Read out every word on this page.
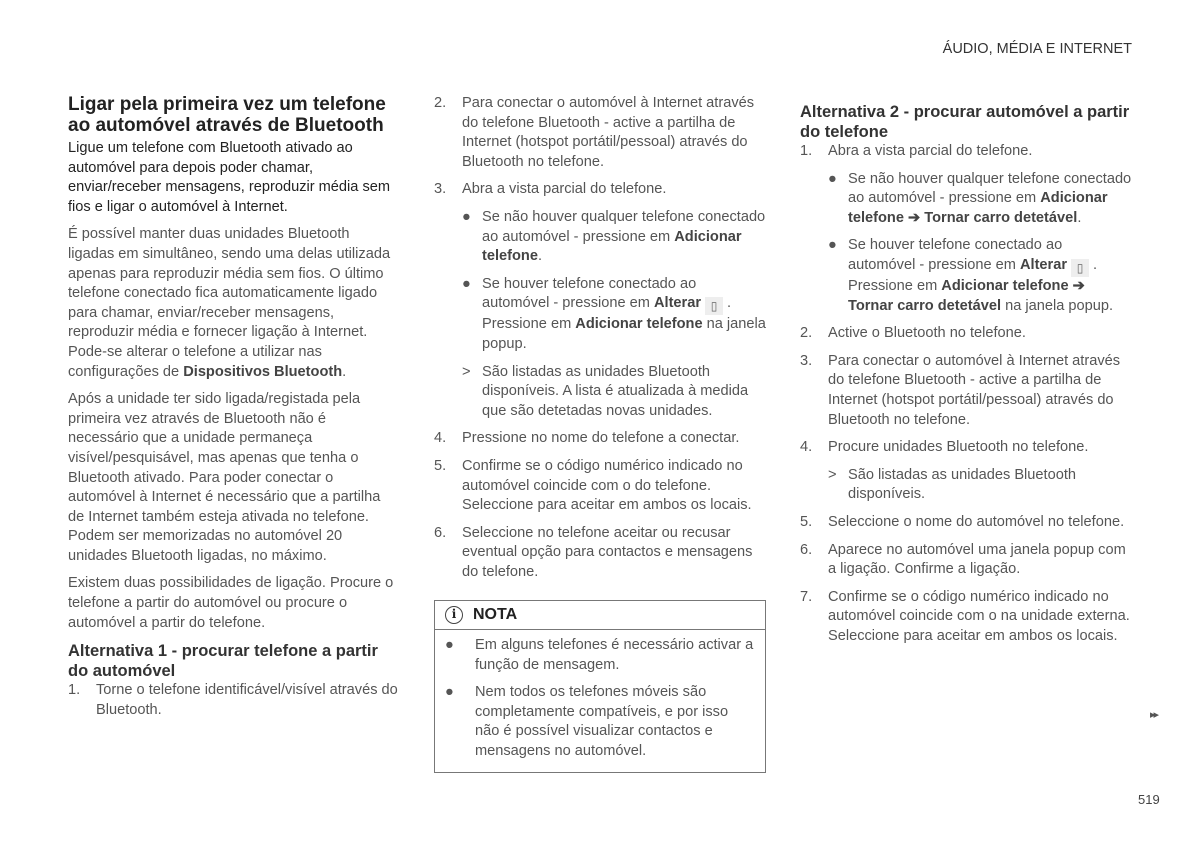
ÁUDIO, MÉDIA E INTERNET
Ligar pela primeira vez um telefone ao automóvel através de Bluetooth
Ligue um telefone com Bluetooth ativado ao automóvel para depois poder chamar, enviar/receber mensagens, reproduzir média sem fios e ligar o automóvel à Internet.
É possível manter duas unidades Bluetooth ligadas em simultâneo, sendo uma delas utilizada apenas para reproduzir média sem fios. O último telefone conectado fica automaticamente ligado para chamar, enviar/receber mensagens, reproduzir média e fornecer ligação à Internet. Pode-se alterar o telefone a utilizar nas configurações de Dispositivos Bluetooth.
Após a unidade ter sido ligada/registada pela primeira vez através de Bluetooth não é necessário que a unidade permaneça visível/pesquisável, mas apenas que tenha o Bluetooth ativado. Para poder conectar o automóvel à Internet é necessário que a partilha de Internet também esteja ativada no telefone. Podem ser memorizadas no automóvel 20 unidades Bluetooth ligadas, no máximo.
Existem duas possibilidades de ligação. Procure o telefone a partir do automóvel ou procure o automóvel a partir do telefone.
Alternativa 1 - procurar telefone a partir do automóvel
1. Torne o telefone identificável/visível através do Bluetooth.
2. Para conectar o automóvel à Internet através do telefone Bluetooth - active a partilha de Internet (hotspot portátil/pessoal) através do Bluetooth no telefone.
3. Abra a vista parcial do telefone.
● Se não houver qualquer telefone conectado ao automóvel - pressione em Adicionar telefone.
● Se houver telefone conectado ao automóvel - pressione em Alterar ▯ . Pressione em Adicionar telefone na janela popup.
> São listadas as unidades Bluetooth disponíveis. A lista é atualizada à medida que são detetadas novas unidades.
4. Pressione no nome do telefone a conectar.
5. Confirme se o código numérico indicado no automóvel coincide com o do telefone. Seleccione para aceitar em ambos os locais.
6. Seleccione no telefone aceitar ou recusar eventual opção para contactos e mensagens do telefone.
i	NOTA
● Em alguns telefones é necessário activar a função de mensagem.
● Nem todos os telefones móveis são completamente compatíveis, e por isso não é possível visualizar contactos e mensagens no automóvel.
Alternativa 2 - procurar automóvel a partir do telefone
1. Abra a vista parcial do telefone.
● Se não houver qualquer telefone conectado ao automóvel - pressione em Adicionar telefone ➔ Tornar carro detetável.
● Se houver telefone conectado ao automóvel - pressione em Alterar ▯ . Pressione em Adicionar telefone ➔ Tornar carro detetável na janela popup.
2. Active o Bluetooth no telefone.
3. Para conectar o automóvel à Internet através do telefone Bluetooth - active a partilha de Internet (hotspot portátil/pessoal) através do Bluetooth no telefone.
4. Procure unidades Bluetooth no telefone.
> São listadas as unidades Bluetooth disponíveis.
5. Seleccione o nome do automóvel no telefone.
6. Aparece no automóvel uma janela popup com a ligação. Confirme a ligação.
7. Confirme se o código numérico indicado no automóvel coincide com o na unidade externa. Seleccione para aceitar em ambos os locais.
▸▸
519
